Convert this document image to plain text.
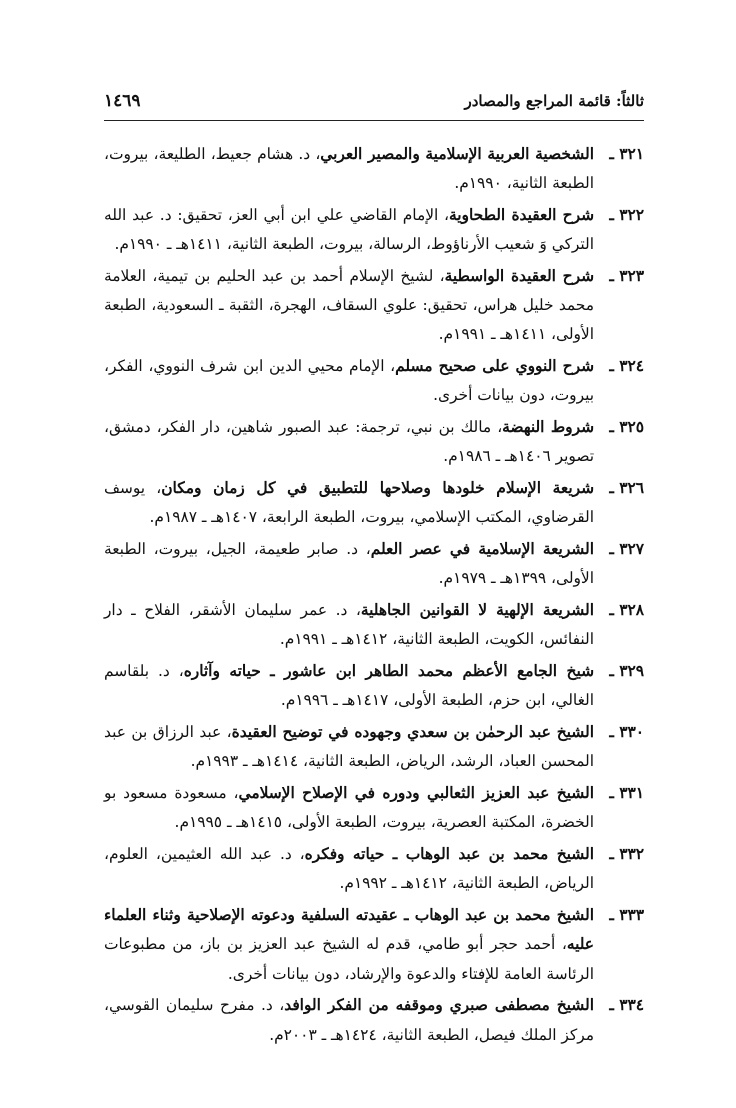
ثالثاً: قائمة المراجع والمصادر
١٤٦٩
٣٢١ ـ
الشخصية العربية الإسلامية والمصير العربي، د. هشام جعيط، الطليعة، بيروت، الطبعة الثانية، ١٩٩٠م.
٣٢٢ ـ
شرح العقيدة الطحاوية، الإمام القاضي علي ابن أبي العز، تحقيق: د. عبد الله التركي وَ شعيب الأرناؤوط، الرسالة، بيروت، الطبعة الثانية، ١٤١١هـ ـ ١٩٩٠م.
٣٢٣ ـ
شرح العقيدة الواسطية، لشيخ الإسلام أحمد بن عبد الحليم بن تيمية، العلامة محمد خليل هراس، تحقيق: علوي السقاف، الهجرة، الثقبة ـ السعودية، الطبعة الأولى، ١٤١١هـ ـ ١٩٩١م.
٣٢٤ ـ
شرح النووي على صحيح مسلم، الإمام محيي الدين ابن شرف النووي، الفكر، بيروت، دون بيانات أخرى.
٣٢٥ ـ
شروط النهضة، مالك بن نبي، ترجمة: عبد الصبور شاهين، دار الفكر، دمشق، تصوير ١٤٠٦هـ ـ ١٩٨٦م.
٣٢٦ ـ
شريعة الإسلام خلودها وصلاحها للتطبيق في كل زمان ومكان، يوسف القرضاوي، المكتب الإسلامي، بيروت، الطبعة الرابعة، ١٤٠٧هـ ـ ١٩٨٧م.
٣٢٧ ـ
الشريعة الإسلامية في عصر العلم، د. صابر طعيمة، الجيل، بيروت، الطبعة الأولى، ١٣٩٩هـ ـ ١٩٧٩م.
٣٢٨ ـ
الشريعة الإلهية لا القوانين الجاهلية، د. عمر سليمان الأشقر، الفلاح ـ دار النفائس، الكويت، الطبعة الثانية، ١٤١٢هـ ـ ١٩٩١م.
٣٢٩ ـ
شيخ الجامع الأعظم محمد الطاهر ابن عاشور ـ حياته وآثاره، د. بلقاسم الغالي، ابن حزم، الطبعة الأولى، ١٤١٧هـ ـ ١٩٩٦م.
٣٣٠ ـ
الشيخ عبد الرحمٰن بن سعدي وجهوده في توضيح العقيدة، عبد الرزاق بن عبد المحسن العباد، الرشد، الرياض، الطبعة الثانية، ١٤١٤هـ ـ ١٩٩٣م.
٣٣١ ـ
الشيخ عبد العزيز الثعالبي ودوره في الإصلاح الإسلامي، مسعودة مسعود بو الخضرة، المكتبة العصرية، بيروت، الطبعة الأولى، ١٤١٥هـ ـ ١٩٩٥م.
٣٣٢ ـ
الشيخ محمد بن عبد الوهاب ـ حياته وفكره، د. عبد الله العثيمين، العلوم، الرياض، الطبعة الثانية، ١٤١٢هـ ـ ١٩٩٢م.
٣٣٣ ـ
الشيخ محمد بن عبد الوهاب ـ عقيدته السلفية ودعوته الإصلاحية وثناء العلماء عليه، أحمد حجر أبو طامي، قدم له الشيخ عبد العزيز بن باز، من مطبوعات الرئاسة العامة للإفتاء والدعوة والإرشاد، دون بيانات أخرى.
٣٣٤ ـ
الشيخ مصطفى صبري وموقفه من الفكر الوافد، د. مفرح سليمان القوسي، مركز الملك فيصل، الطبعة الثانية، ١٤٢٤هـ ـ ٢٠٠٣م.
